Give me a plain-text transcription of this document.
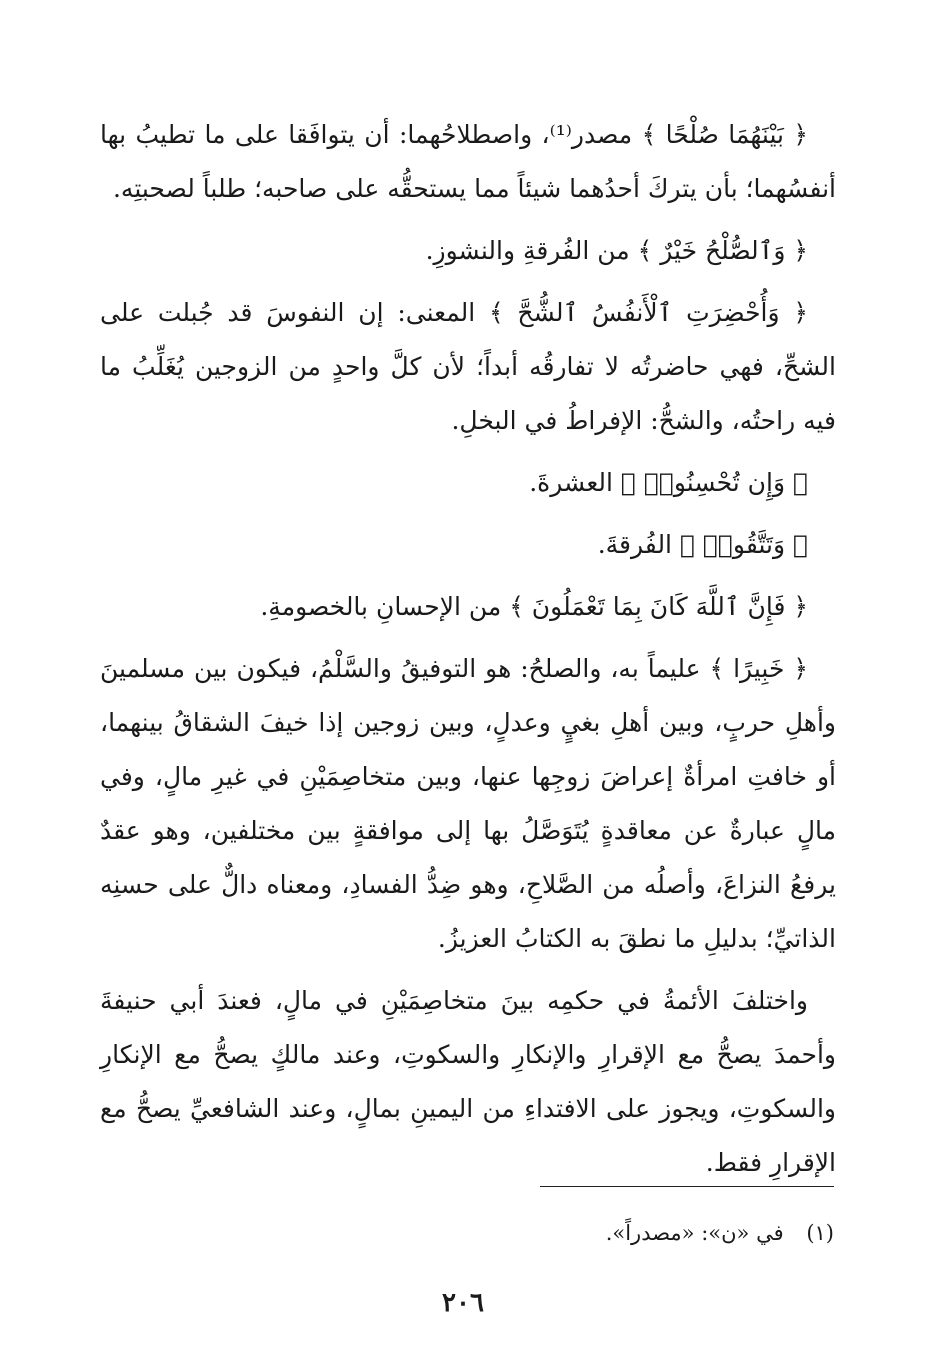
﴿ بَيْنَهُمَا صُلْحًا ﴾ مصدر⁽¹⁾، واصطلاحُهما: أن يتوافَقا على ما تطيبُ بها أنفسُهما؛ بأن يتركَ أحدُهما شيئاً مما يستحقُّه على صاحبه؛ طلباً لصحبتِه.

﴿ وَٱلصُّلْحُ خَيْرٌ ﴾ من الفُرقةِ والنشوزِ.

﴿ وَأُحْضِرَتِ ٱلْأَنفُسُ ٱلشُّحَّ ﴾ المعنى: إن النفوسَ قد جُبلت على الشحِّ، فهي حاضرتُه لا تفارقُه أبداً؛ لأن كلَّ واحدٍ من الزوجين يُغَلِّبُ ما فيه راحتُه، والشحُّ: الإفراطُ في البخلِ.

﴿ وَإِن تُحْسِنُوا۟ ﴾ العشرةَ.

﴿ وَتَتَّقُوا۟ ﴾ الفُرقةَ.

﴿ فَإِنَّ ٱللَّهَ كَانَ بِمَا تَعْمَلُونَ ﴾ من الإحسانِ بالخصومةِ.

﴿ خَبِيرًا ﴾ عليماً به، والصلحُ: هو التوفيقُ والسَّلْمُ، فيكون بين مسلمينَ وأهلِ حربٍ، وبين أهلِ بغيٍ وعدلٍ، وبين زوجين إذا خيفَ الشقاقُ بينهما، أو خافتِ امرأةٌ إعراضَ زوجِها عنها، وبين متخاصِمَيْنِ في غيرِ مالٍ، وفي مالٍ عبارةٌ عن معاقدةٍ يُتَوَصَّلُ بها إلى موافقةٍ بين مختلفين، وهو عقدٌ يرفعُ النزاعَ، وأصلُه من الصَّلاحِ، وهو ضِدُّ الفسادِ، ومعناه دالٌّ على حسنِه الذاتيِّ؛ بدليلِ ما نطقَ به الكتابُ العزيزُ.

واختلفَ الأئمةُ في حكمِه بينَ متخاصِمَيْنِ في مالٍ، فعندَ أبي حنيفةَ وأحمدَ يصحُّ مع الإقرارِ والإنكارِ والسكوتِ، وعند مالكٍ يصحُّ مع الإنكارِ والسكوتِ، ويجوز على الافتداءِ من اليمينِ بمالٍ، وعند الشافعيِّ يصحُّ مع الإقرارِ فقط.

(١) في «ن»: «مصدراً».
٢٠٦
